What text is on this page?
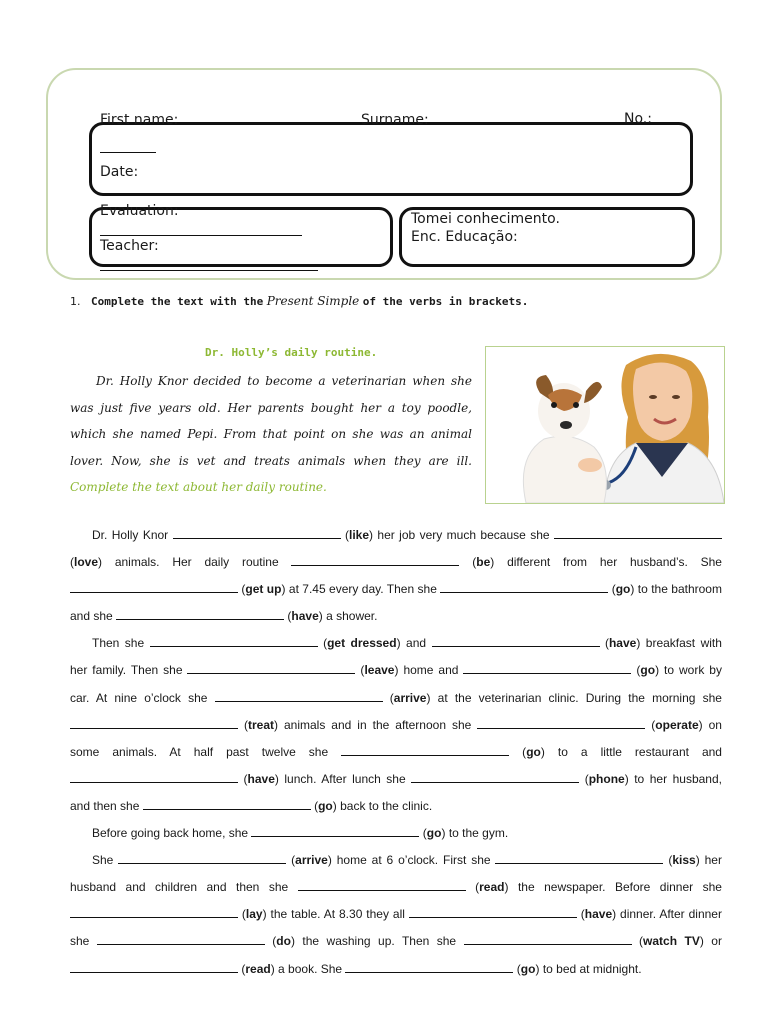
First name:	Surname:	No.:
Date:
Evaluation:
Teacher:
Tomei conhecimento.
Enc. Educação:
1. Complete the text with the Present Simple of the verbs in brackets.
Dr. Holly’s daily routine.
Dr. Holly Knor decided to become a veterinarian when she was just five years old. Her parents bought her a toy poodle, which she named Pepi. From that point on she was an animal lover. Now, she is vet and treats animals when they are ill. Complete the text about her daily routine.

Dr. Holly Knor	(like) her job very much because she  (love) animals. Her daily routine	(be) different from her husband’s. She  (get up) at 7.45 every day. Then she	(go) to the bathroom and she	(have) a shower.

Then she	(get dressed) and	(have) breakfast with her family. Then she	(leave) home and	(go) to work by car. At nine o’clock she	(arrive) at the veterinarian clinic. During the morning she  (treat) animals and in the afternoon she	(operate) on some animals. At half past twelve she	(go) to a little restaurant and  (have) lunch. After lunch she	(phone) to her husband, and then she	(go) back to the clinic.

Before going back home, she	(go) to the gym.

She	(arrive) home at 6 o’clock. First she	(kiss) her husband and children and then she	(read) the newspaper. Before dinner she  (lay) the table. At 8.30 they all	(have) dinner. After dinner she	(do) the washing up. Then she	(watch TV) or  (read) a book. She	(go) to bed at midnight.
